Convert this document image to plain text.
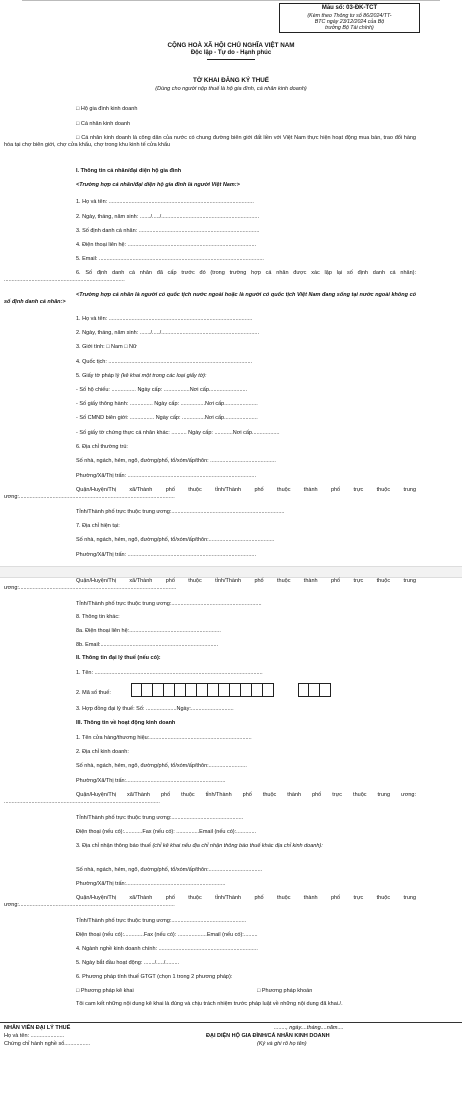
Mẫu số: 03-ĐK-TCT
(Kèm theo Thông tư số 86/2024/TT-
BTC ngày 23/12/2024 của Bộ
trưởng Bộ Tài chính)
CỘNG HOÀ XÃ HỘI CHỦ NGHĨA VIỆT NAM
Độc lập - Tự do - Hạnh phúc
TỜ KHAI ĐĂNG KÝ THUẾ
(Dùng cho người nộp thuế là hộ gia đình, cá nhân kinh doanh)
□ Hộ gia đình kinh doanh
□ Cá nhân kinh doanh
□ Cá nhân kinh doanh là công dân của nước có chung đường biên giới đất liền với Việt Nam thực hiện hoạt động mua bán, trao đổi hàng hóa tại chợ biên giới, chợ cửa khẩu, chợ trong khu kinh tế cửa khẩu
I. Thông tin cá nhân/đại diện hộ gia đình
<Trường hợp cá nhân/đại diện hộ gia đình là người Việt Nam:>
1. Họ và tên: ...............................................................................................
2. Ngày, tháng, năm sinh: ......./...../................................................................
3. Số định danh cá nhân: ...............................................................................
4. Điện thoại liên hệ: ....................................................................................
5. Email: ............................................................................................................
6. Số định danh cá nhân đã cấp trước đó (trong trường hợp cá nhân được xác lập lại số định danh cá nhân): ...............................................................................
<Trường hợp cá nhân là người có quốc tịch nước ngoài hoặc là người có quốc tịch Việt Nam đang sống tại nước ngoài không có số định danh cá nhân:>
1. Họ và tên: ..............................................................................................
2. Ngày, tháng, năm sinh: ......./...../................................................................
3. Giới tính: □ Nam □ Nữ
4. Quốc tịch: ..............................................................................................
5. Giấy tờ pháp lý (kê khai một trong các loại giấy tờ):
- Số hộ chiếu: ................ Ngày cấp: .................Nơi cấp.........................
- Số giấy thông hành: ............... Ngày cấp: ................Nơi cấp......................
- Số CMND biên giới: ................ Ngày cấp: ...............Nơi cấp......................
- Số giấy tờ chứng thực cá nhân khác: .......... Ngày cấp: ............Nơi cấp..................
6. Địa chỉ thường trú:
Số nhà, ngách, hẻm, ngõ, đường/phố, tổ/xóm/ấp/thôn: ...........................................
Phường/Xã/Thị trấn: ....................................................................................
Quận/Huyện/Thị xã/Thành phố thuộc tỉnh/Thành phố thuộc thành phố trực thuộc trung ương:......................................................................................................
Tỉnh/Thành phố trực thuộc trung ương:..........................................................................
7. Địa chỉ hiện tại:
Số nhà, ngách, hẻm, ngõ, đường/phố, tổ/xóm/ấp/thôn:...........................................
Phường/Xã/Thị trấn: ....................................................................................
Quận/Huyện/Thị xã/Thành phố thuộc tỉnh/Thành phố thuộc thành phố trực thuộc trung ương:.......................................................................................................
Tỉnh/Thành phố trực thuộc trung ương:...........................................................
8. Thông tin khác:
8a. Điện thoại liên hệ:............................................................
8b. Email:.............................................................................
II. Thông tin đại lý thuế (nếu có):
1. Tên: ..............................................................................................................
2. Mã số thuế:
3. Hợp đồng đại lý thuế: Số: ....................Ngày:............................
III. Thông tin về hoạt động kinh doanh
1. Tên cửa hàng/thương hiệu:...................................................................
2. Địa chỉ kinh doanh:
Số nhà, ngách, hẻm, ngõ, đường/phố, tổ/xóm/ấp/thôn:.........................
Phường/Xã/Thị trấn:.................................................................
Quận/Huyện/Thị xã/Thành phố thuộc tỉnh/Thành phố thuộc thành phố trực thuộc trung ương: ......................................................................................................
Tỉnh/Thành phố trực thuộc trung ương:...............................................
Điện thoại (nếu có):............Fax (nếu có): ...............Email (nếu có):.............
3. Địa chỉ nhận thông báo thuế (chỉ kê khai nếu địa chỉ nhận thông báo thuế khác địa chỉ kinh doanh):
Số nhà, ngách, hẻm, ngõ, đường/phố, tổ/xóm/ấp/thôn:...................................
Phường/Xã/Thị trấn:.................................................................
Quận/Huyện/Thị xã/Thành phố thuộc tỉnh/Thành phố thuộc thành phố trực thuộc trung ương:......................................................................................................
Tỉnh/Thành phố trực thuộc trung ương:.................................................
Điện thoại (nếu có):.............Fax (nếu có): ...................Email (nếu có):.........
4. Ngành nghề kinh doanh chính: .................................................................
5. Ngày bắt đầu hoạt động: ......./...../.........
6. Phương pháp tính thuế GTGT (chọn 1 trong 2 phương pháp):
□ Phương pháp kê khai	□ Phương pháp khoán
Tôi cam kết những nội dung kê khai là đúng và chịu trách nhiệm trước pháp luật về những nội dung đã khai./.
NHÂN VIÊN ĐẠI LÝ THUẾ
Họ và tên: ......................
Chứng chỉ hành nghề số.................
........, ngày....tháng....năm....
ĐẠI DIỆN HỘ GIA ĐÌNH/CÁ NHÂN KINH DOANH
(Ký và ghi rõ họ tên)
